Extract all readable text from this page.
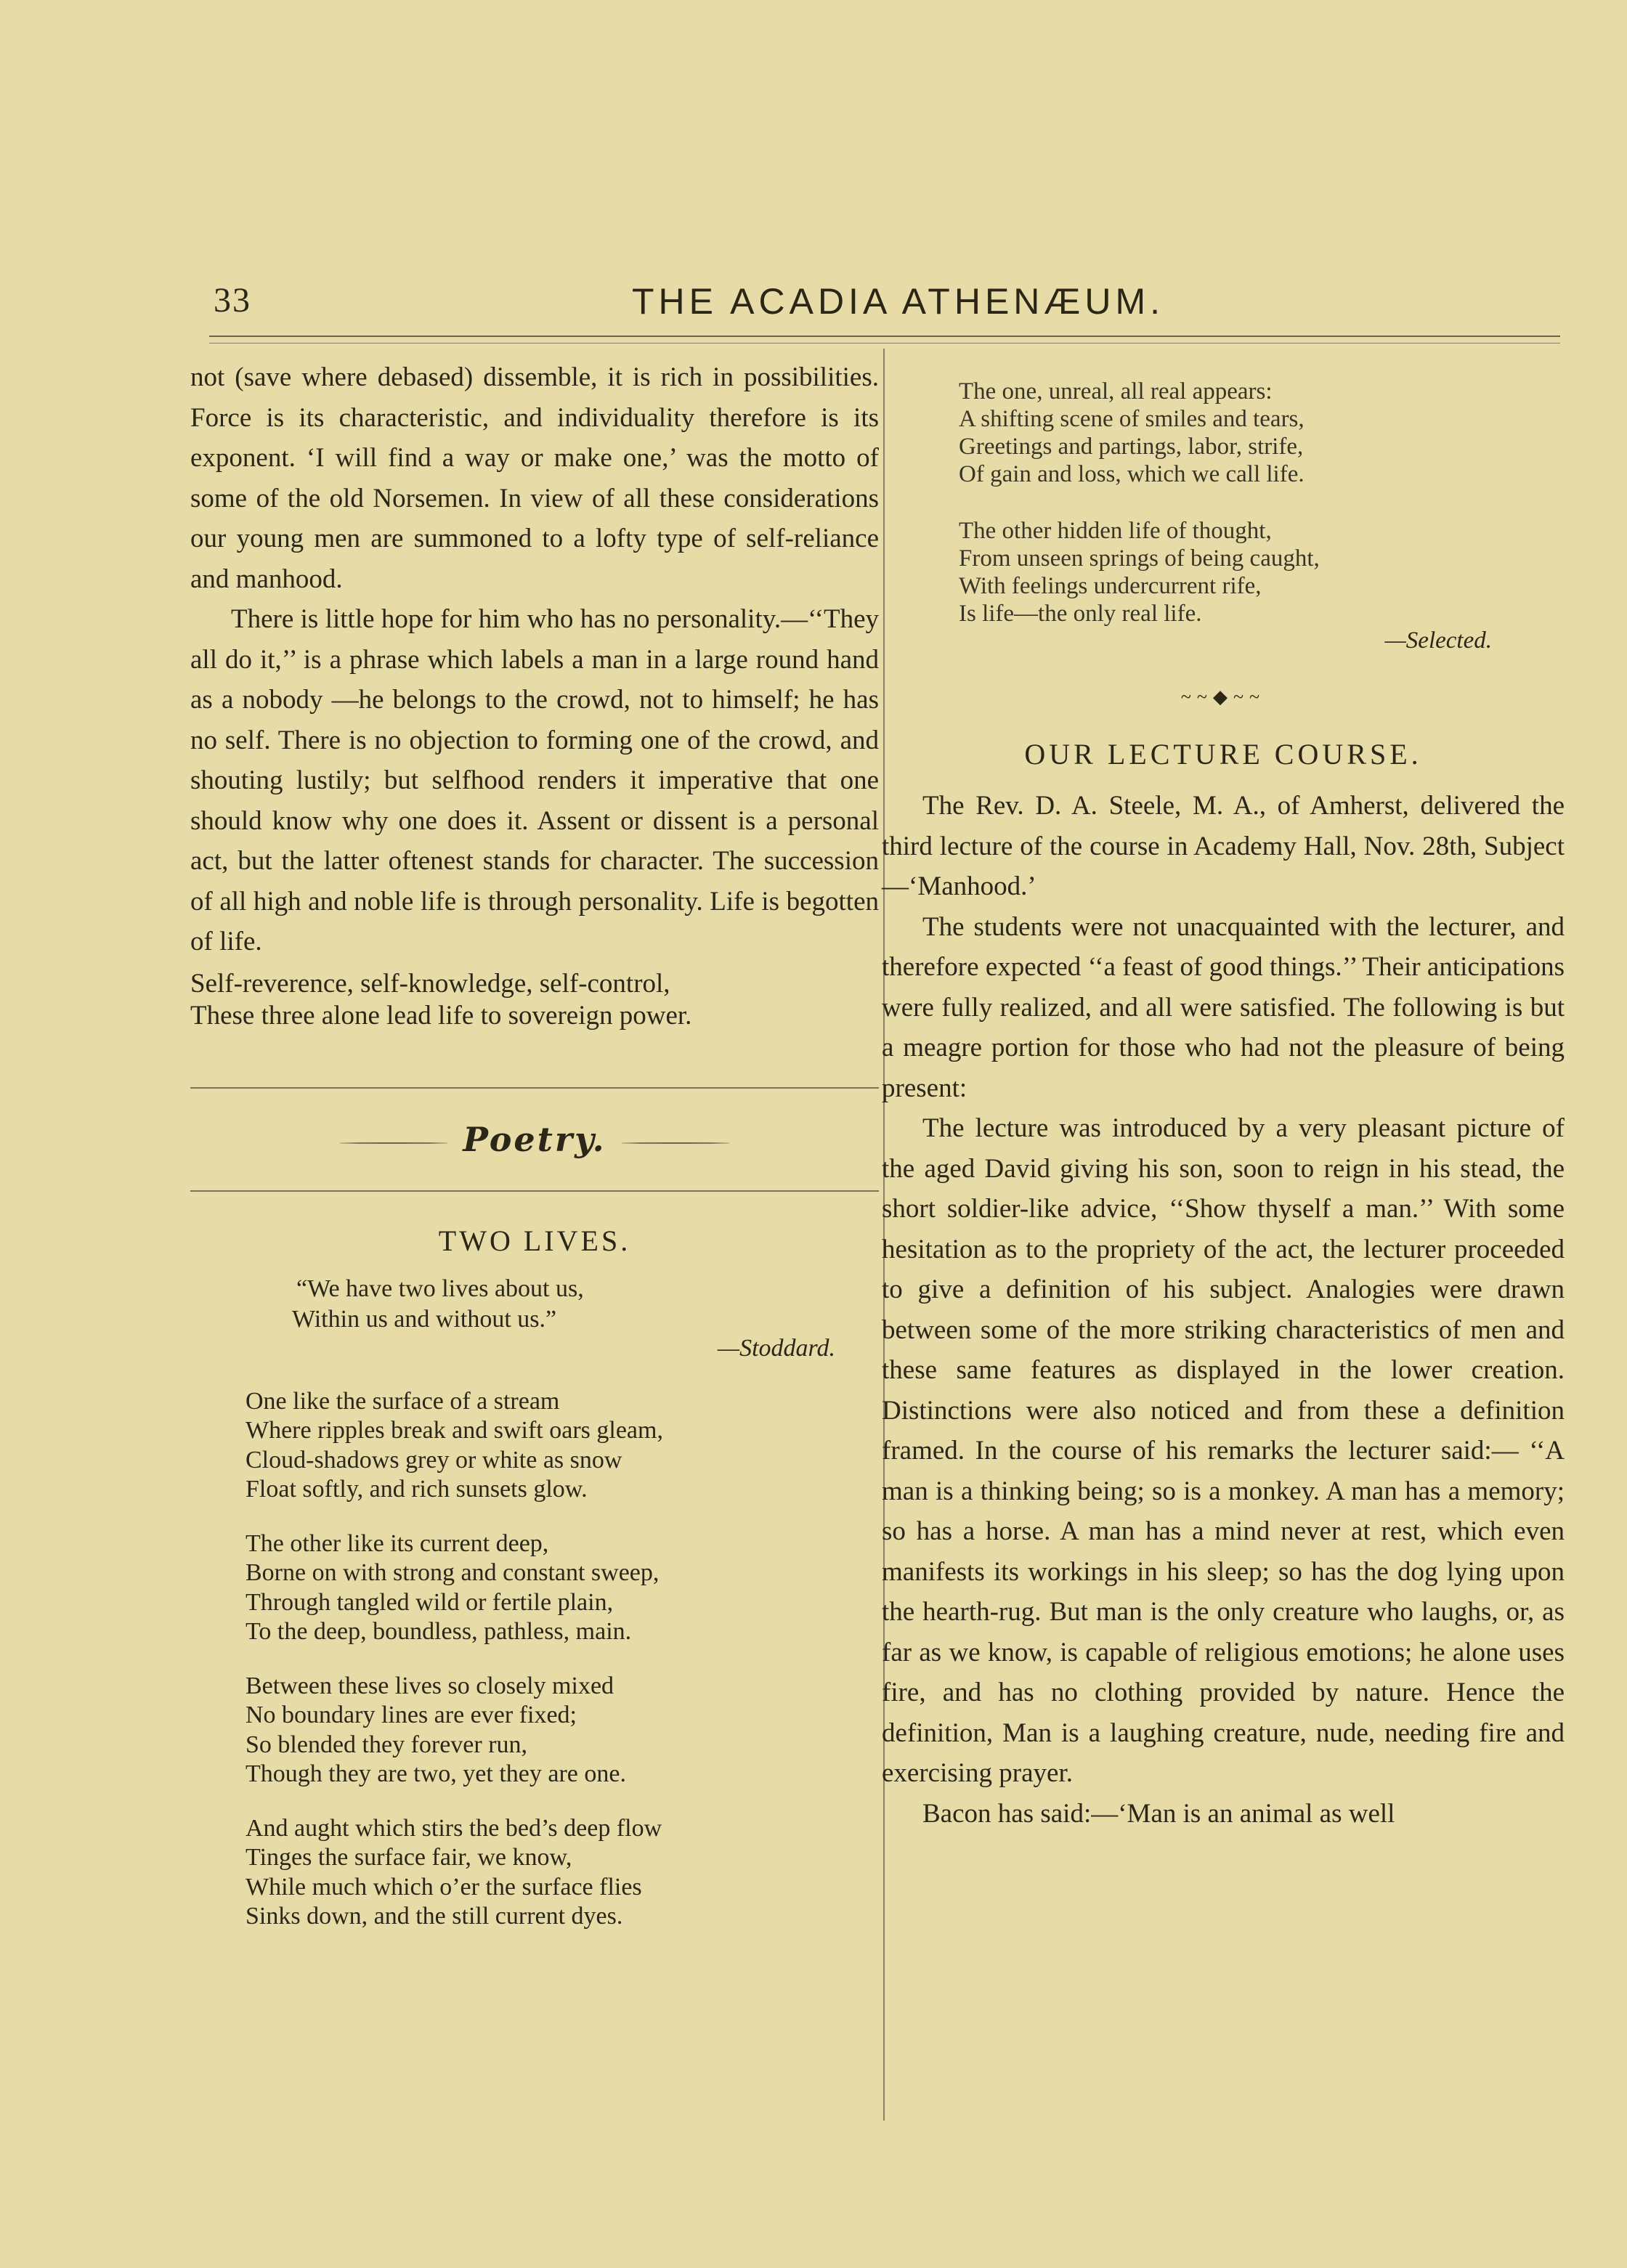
33	THE ACADIA ATHENÆUM.

not (save where debased) dissemble, it is rich in possibilities. Force is its characteristic, and individuality therefore is its exponent. ‘I will find a way or make one,’ was the motto of some of the old Norsemen. In view of all these considerations our young men are summoned to a lofty type of self-reliance and manhood.

There is little hope for him who has no personality.—‘‘They all do it,’’ is a phrase which labels a man in a large round hand as a nobody —he belongs to the crowd, not to himself; he has no self. There is no objection to forming one of the crowd, and shouting lustily; but selfhood renders it imperative that one should know why one does it. Assent or dissent is a personal act, but the latter oftenest stands for character. The succession of all high and noble life is through personality. Life is begotten of life.

Self-reverence, self-knowledge, self-control,
These three alone lead life to sovereign power.
Poetry.
TWO LIVES.
“We have two lives about us,
Within us and without us.”
—Stoddard.
One like the surface of a stream
Where ripples break and swift oars gleam,
Cloud-shadows grey or white as snow
Float softly, and rich sunsets glow.
The other like its current deep,
Borne on with strong and constant sweep,
Through tangled wild or fertile plain,
To the deep, boundless, pathless, main.
Between these lives so closely mixed
No boundary lines are ever fixed;
So blended they forever run,
Though they are two, yet they are one.
And aught which stirs the bed’s deep flow
Tinges the surface fair, we know,
While much which o’er the surface flies
Sinks down, and the still current dyes.
The one, unreal, all real appears:
A shifting scene of smiles and tears,
Greetings and partings, labor, strife,
Of gain and loss, which we call life.
The other hidden life of thought,
From unseen springs of being caught,
With feelings undercurrent rife,
Is life—the only real life.
—Selected.
~~◆~~
OUR LECTURE COURSE.

The Rev. D. A. Steele, M. A., of Amherst, delivered the third lecture of the course in Academy Hall, Nov. 28th, Subject—‘Manhood.’

The students were not unacquainted with the lecturer, and therefore expected ‘‘a feast of good things.’’ Their anticipations were fully realized, and all were satisfied. The following is but a meagre portion for those who had not the pleasure of being present:

The lecture was introduced by a very pleasant picture of the aged David giving his son, soon to reign in his stead, the short soldier-like advice, ‘‘Show thyself a man.’’ With some hesitation as to the propriety of the act, the lecturer proceeded to give a definition of his subject. Analogies were drawn between some of the more striking characteristics of men and these same features as displayed in the lower creation. Distinctions were also noticed and from these a definition framed. In the course of his remarks the lecturer said:— ‘‘A man is a thinking being; so is a monkey. A man has a memory; so has a horse. A man has a mind never at rest, which even manifests its workings in his sleep; so has the dog lying upon the hearth-rug. But man is the only creature who laughs, or, as far as we know, is capable of religious emotions; he alone uses fire, and has no clothing provided by nature. Hence the definition, Man is a laughing creature, nude, needing fire and exercising prayer.

Bacon has said:—‘Man is an animal as well
